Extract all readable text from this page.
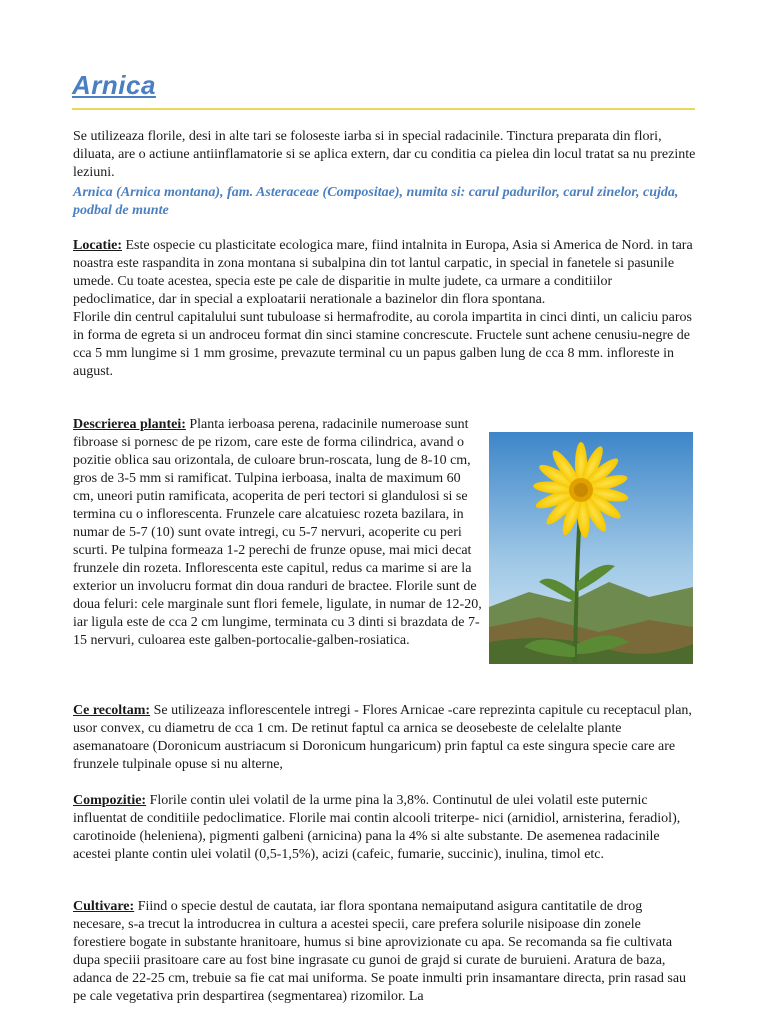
Arnica

Se utilizeaza florile, desi in alte tari se foloseste iarba si in special radacinile. Tinctura preparata din flori, diluata, are o actiune antiinflamatorie si se aplica extern, dar cu conditia ca pielea din locul tratat sa nu prezinte leziuni.

Arnica (Arnica montana), fam. Asteraceae (Compositae), numita si: carul padurilor, carul zinelor, cujda, podbal de munte

Locatie: Este ospecie cu plasticitate ecologica mare, fiind intalnita in Europa, Asia si America de Nord. in tara noastra este raspandita in zona montana si subalpina din tot lantul carpatic, in special in fanetele si pasunile umede. Cu toate acestea, specia este pe cale de disparitie in multe judete, ca urmare a conditiilor pedoclimatice, dar in special a exploatarii nerationale a bazinelor din flora spontana.
Florile din centrul capitalului sunt tubuloase si hermafrodite, au corola impartita in cinci dinti, un caliciu paros in forma de egreta si un androceu format din sinci stamine concrescute. Fructele sunt achene cenusiu-negre de cca 5 mm lungime si 1 mm grosime, prevazute terminal cu un papus galben lung de cca 8 mm. infloreste in august.
Descrierea plantei: Planta ierboasa perena, radacinile numeroase sunt fibroase si pornesc de pe rizom, care este de forma cilindrica, avand o pozitie oblica sau orizontala, de culoare brun-roscata, lung de 8-10 cm, gros de 3-5 mm si ramificat. Tulpina ierboasa, inalta de maximum 60 cm, uneori putin ramificata, acoperita de peri tectori si glandulosi si se termina cu o inflorescenta. Frunzele care alcatuiesc rozeta bazilara, in numar de 5-7 (10) sunt ovate intregi, cu 5-7 nervuri, acoperite cu peri scurti. Pe tulpina formeaza 1-2 perechi de frunze opuse, mai mici decat frunzele din rozeta. Inflorescenta este capitul, redus ca marime si are la exterior un involucru format din doua randuri de bractee. Florile sunt de doua feluri: cele marginale sunt flori femele, ligulate, in numar de 12-20, iar ligula este de cca 2 cm lungime, terminata cu 3 dinti si brazdata de 7-15 nervuri, culoarea este galben-portocalie-galben-rosiatica.
Ce recoltam: Se utilizeaza inflorescentele intregi - Flores Arnicae -care reprezinta capitule cu receptacul plan, usor convex, cu diametru de cca 1 cm. De retinut faptul ca arnica se deosebeste de celelalte plante asemanatoare (Doronicum austriacum si Doronicum hungaricum) prin faptul ca este singura specie care are frunzele tulpinale opuse si nu alterne,
Compozitie: Florile contin ulei volatil de la urme pina la 3,8%. Continutul de ulei volatil este puternic influentat de conditiile pedoclimatice. Florile mai contin alcooli triterpe- nici (arnidiol, arnisterina, feradiol), carotinoide (heleniena), pigmenti galbeni (arnicina) pana la 4% si alte substante. De asemenea radacinile acestei plante contin ulei volatil (0,5-1,5%), acizi (cafeic, fumarie, succinic), inulina, timol etc.
Cultivare: Fiind o specie destul de cautata, iar flora spontana nemaiputand asigura cantitatile de drog necesare, s-a trecut la introducrea in cultura a acestei specii, care prefera solurile nisipoase din zonele forestiere bogate in substante hranitoare, humus si bine aprovizionate cu apa. Se recomanda sa fie cultivata dupa speciii prasitoare care au fost bine ingrasate cu gunoi de grajd si curate de buruieni. Aratura de baza, adanca de 22-25 cm, trebuie sa fie cat mai uniforma. Se poate inmulti prin insamantare directa, prin rasad sau pe cale vegetativa prin despartirea (segmentarea) rizomilor. La
